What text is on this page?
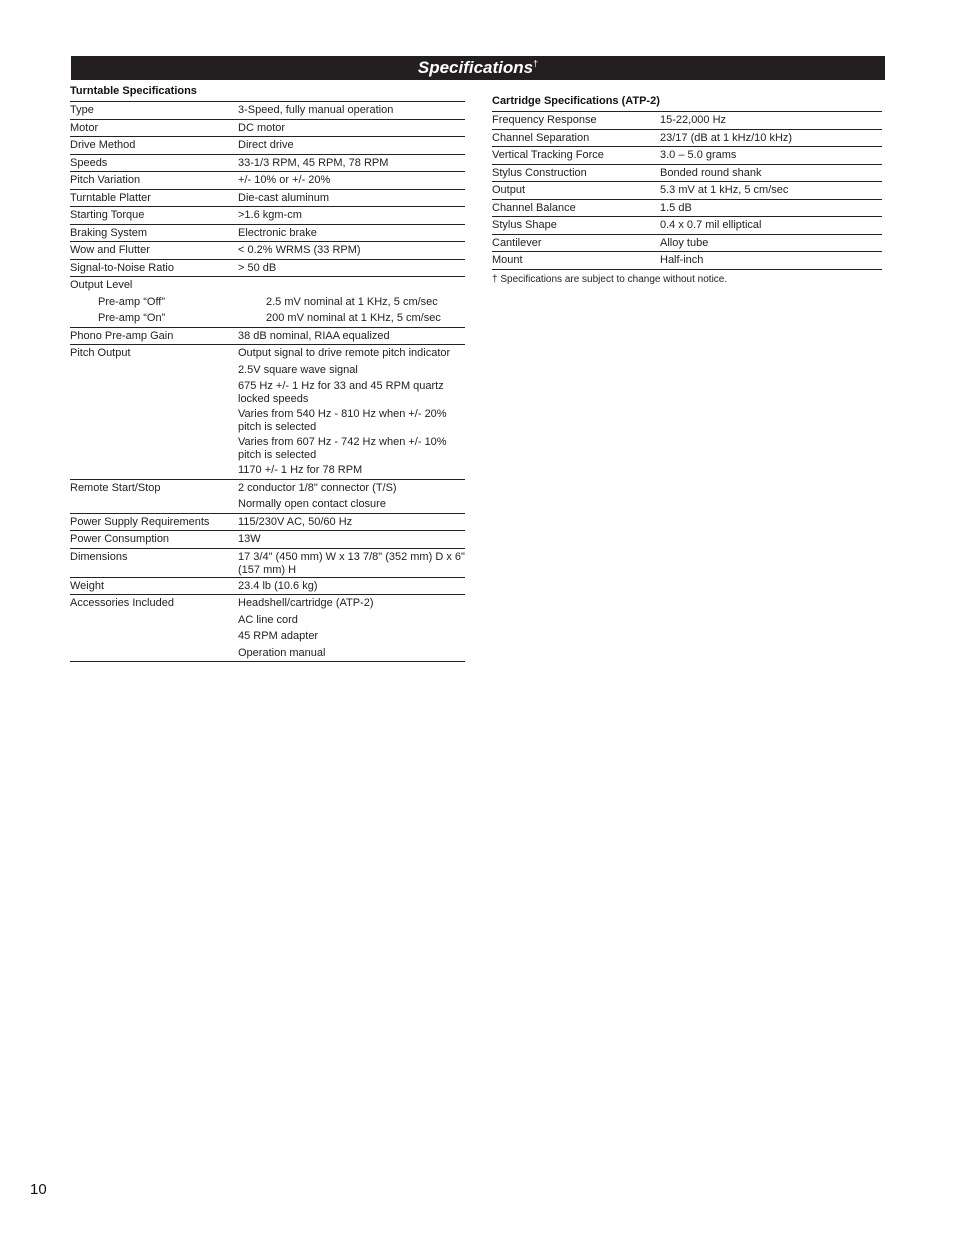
Specifications†
Turntable Specifications
Type	3-Speed, fully manual operation
Motor	DC motor
Drive Method	Direct drive
Speeds	33-1/3 RPM, 45 RPM, 78 RPM
Pitch Variation	+/- 10% or +/- 20%
Turntable Platter	Die-cast aluminum
Starting Torque	>1.6 kgm-cm
Braking System	Electronic brake
Wow and Flutter	< 0.2% WRMS (33 RPM)
Signal-to-Noise Ratio	> 50 dB
Output Level
Pre-amp “Off”	2.5 mV nominal at 1 KHz, 5 cm/sec
Pre-amp “On”	200 mV nominal at 1 KHz, 5 cm/sec
Phono Pre-amp Gain	38 dB nominal, RIAA equalized
Pitch Output	Output signal to drive remote pitch indicator
2.5V square wave signal
675 Hz +/- 1 Hz for 33 and 45 RPM quartz locked speeds
Varies from 540 Hz - 810 Hz when +/- 20% pitch is selected
Varies from 607 Hz - 742 Hz when +/- 10% pitch is selected
1170 +/- 1 Hz for 78 RPM
Remote Start/Stop	2 conductor 1/8" connector (T/S)
Normally open contact closure
Power Supply Requirements	115/230V AC, 50/60 Hz
Power Consumption	13W
Dimensions	17 3/4" (450 mm) W x 13 7/8" (352 mm) D x 6" (157 mm) H
Weight	23.4 lb (10.6 kg)
Accessories Included	Headshell/cartridge (ATP-2)
AC line cord
45 RPM adapter
Operation manual
Cartridge Specifications (ATP-2)
Frequency Response	15-22,000 Hz
Channel Separation	23/17 (dB at 1 kHz/10 kHz)
Vertical Tracking Force	3.0 – 5.0 grams
Stylus Construction	Bonded round shank
Output	5.3 mV at 1 kHz, 5 cm/sec
Channel Balance	1.5 dB
Stylus Shape	0.4 x 0.7 mil elliptical
Cantilever	Alloy tube
Mount	Half-inch
† Specifications are subject to change without notice.
10
